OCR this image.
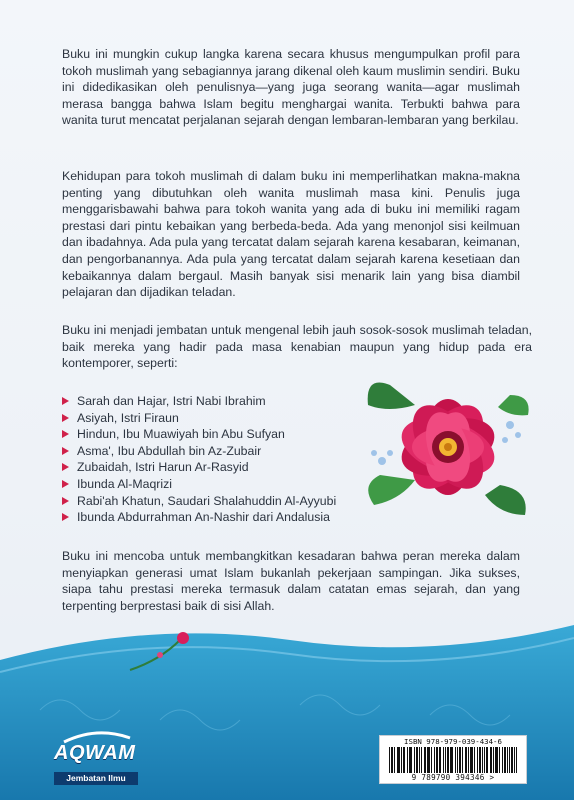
Buku ini mungkin cukup langka karena secara khusus mengumpulkan profil para tokoh muslimah yang sebagiannya jarang dikenal oleh kaum muslimin sendiri. Buku ini didedikasikan oleh penulisnya—yang juga seorang wanita—agar muslimah merasa bangga bahwa Islam begitu menghargai wanita. Terbukti bahwa para wanita turut mencatat perjalanan sejarah dengan lembaran-lembaran yang berkilau.
Kehidupan para tokoh muslimah di dalam buku ini memperlihatkan makna-makna penting yang dibutuhkan oleh wanita muslimah masa kini. Penulis juga menggarisbawahi bahwa para tokoh wanita yang ada di buku ini memiliki ragam prestasi dari pintu kebaikan yang berbeda-beda. Ada yang menonjol sisi keilmuan dan ibadahnya. Ada pula yang tercatat dalam sejarah karena kesabaran, keimanan, dan pengorbanannya. Ada pula yang tercatat dalam sejarah karena kesetiaan dan kebaikannya dalam bergaul. Masih banyak sisi menarik lain yang bisa diambil pelajaran dan dijadikan teladan.
Buku ini menjadi jembatan untuk mengenal lebih jauh sosok-sosok muslimah teladan, baik mereka yang hadir pada masa kenabian maupun yang hidup pada era kontemporer, seperti:
Sarah dan Hajar, Istri Nabi Ibrahim
Asiyah, Istri Firaun
Hindun, Ibu Muawiyah bin Abu Sufyan
Asma', Ibu Abdullah bin Az-Zubair
Zubaidah, Istri Harun Ar-Rasyid
Ibunda Al-Maqrizi
Rabi'ah Khatun, Saudari Shalahuddin Al-Ayyubi
Ibunda Abdurrahman An-Nashir dari Andalusia
Buku ini mencoba untuk membangkitkan kesadaran bahwa peran mereka dalam menyiapkan generasi umat Islam bukanlah pekerjaan sampingan. Jika sukses, siapa tahu prestasi mereka termasuk dalam catatan emas sejarah, dan yang terpenting berprestasi baik di sisi Allah.
AQWAM
Jembatan Ilmu
ISBN 978-979-039-434-6
9 789790 394346 >
